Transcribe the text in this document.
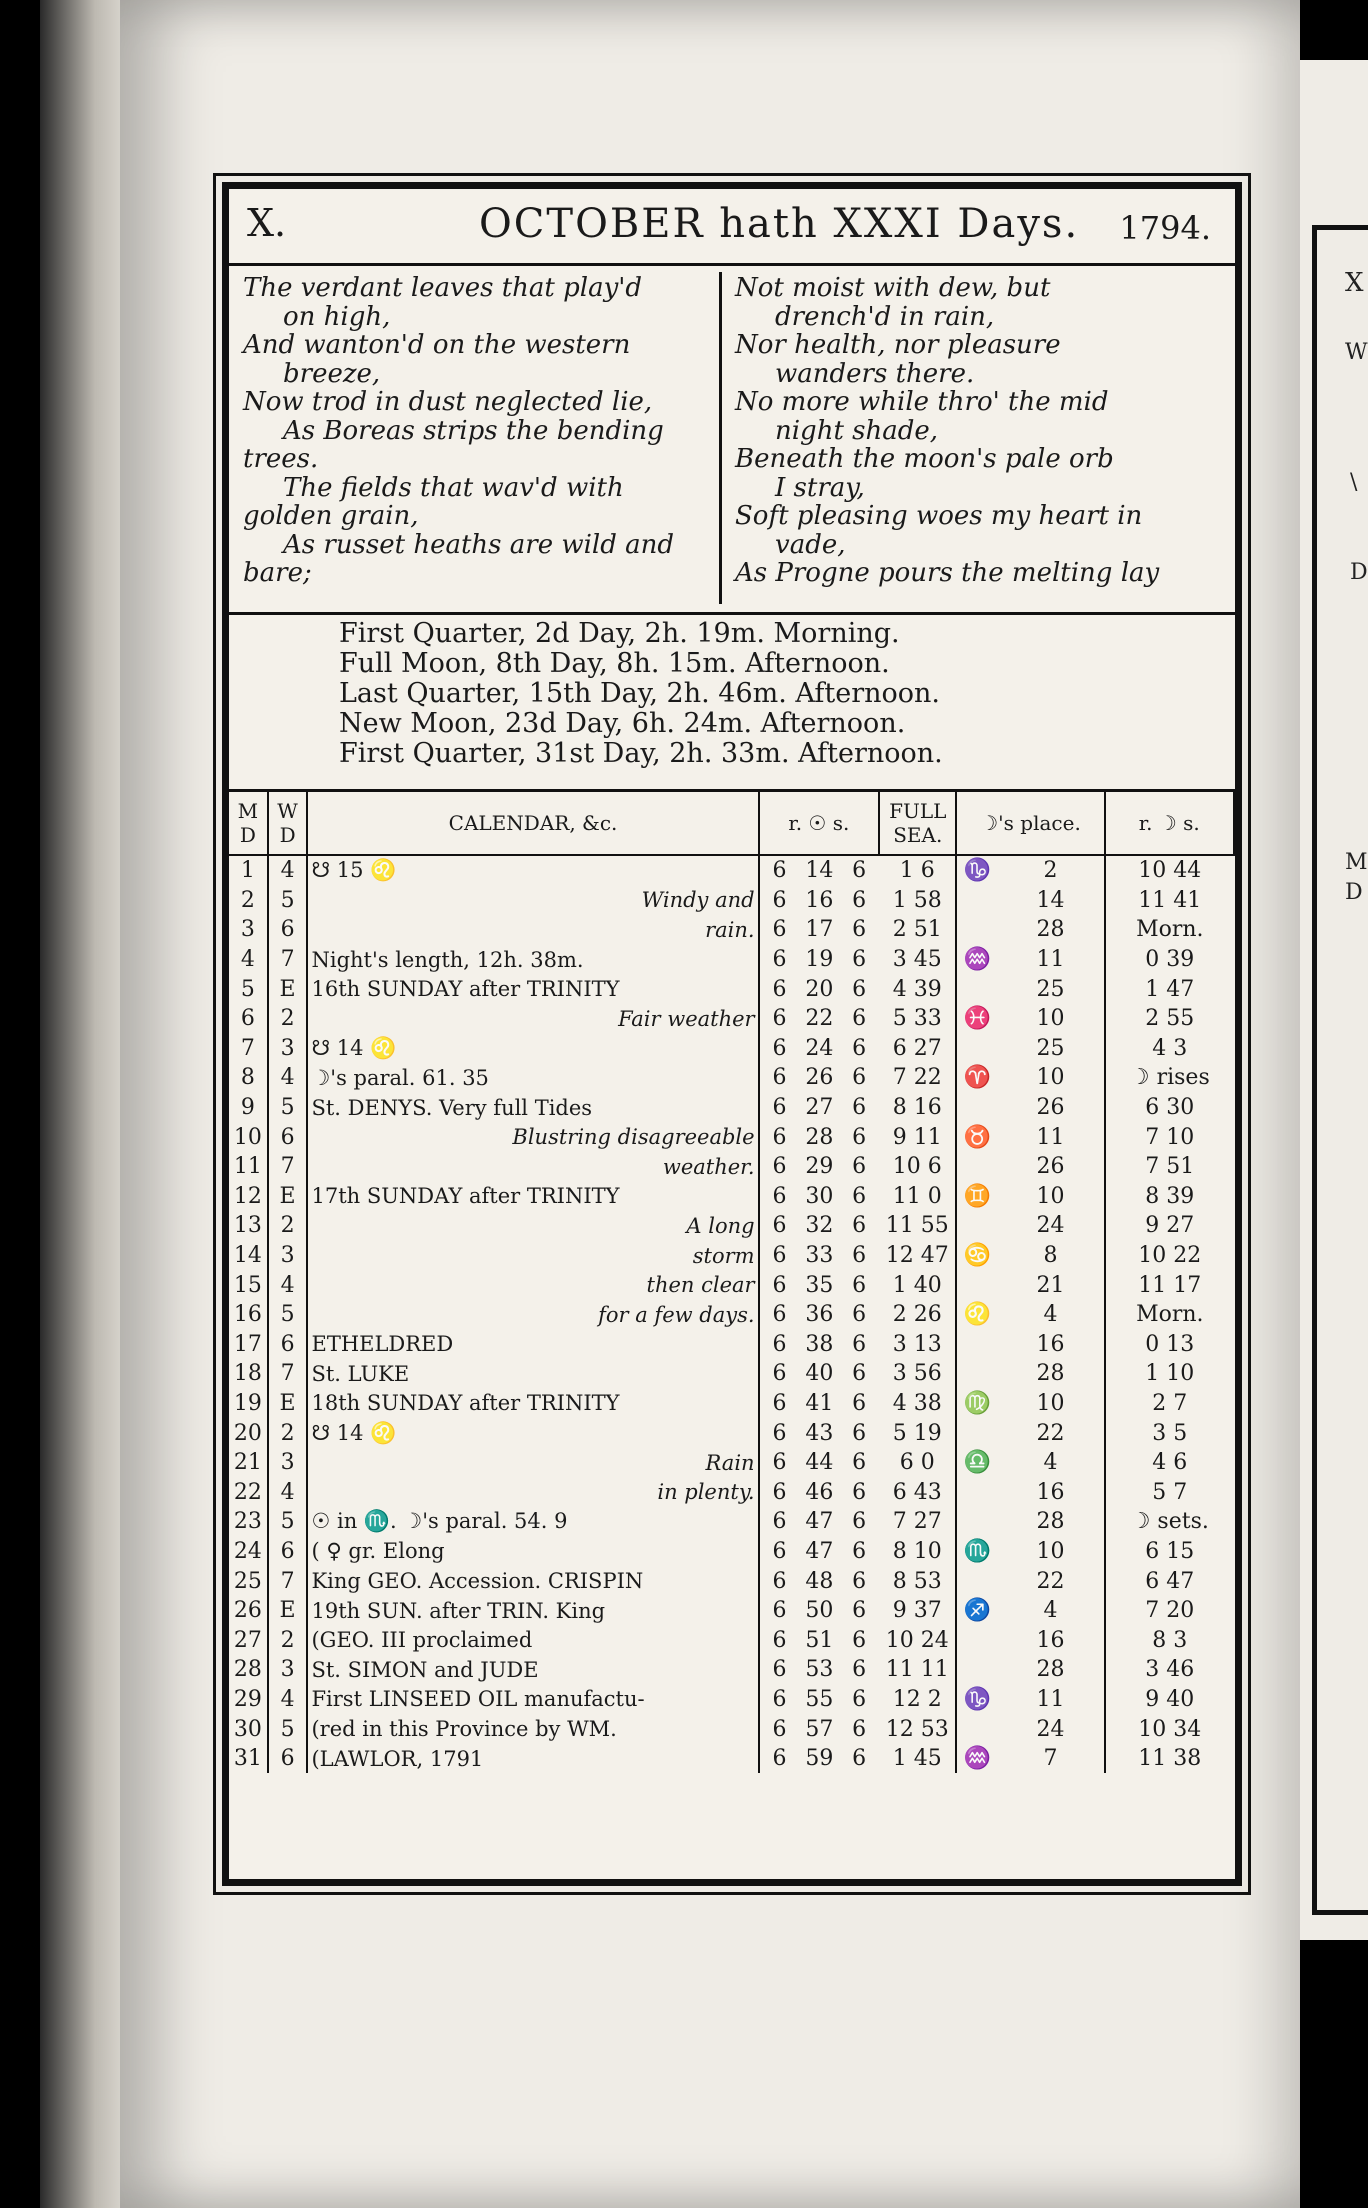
X
W
\
D
M
D
X.	OCTOBER hath XXXI Days. 1794.
The verdant leaves that play'd
on high,
And wanton'd on the western
breeze,
Now trod in dust neglected lie,
As Boreas strips the bending
trees.
The fields that wav'd with
golden grain,
As russet heaths are wild and
bare;
Not moist with dew, but
drench'd in rain,
Nor health, nor pleasure
wanders there.
No more while thro' the mid
night shade,
Beneath the moon's pale orb
I stray,
Soft pleasing woes my heart in
vade,
As Progne pours the melting lay
First Quarter, 2d Day, 2h. 19m. Morning.
Full Moon, 8th Day, 8h. 15m. Afternoon.
Last Quarter, 15th Day, 2h. 46m. Afternoon.
New Moon, 23d Day, 6h. 24m. Afternoon.
First Quarter, 31st Day, 2h. 33m. Afternoon.
M D	W D	CALENDAR, &c.	r. ☉ s.			FULL SEA.	☽'s place.		r. ☽ s.
1	4	☋ 15 ♌	6	14	6	1 6	♑	2	10 44
2	5	Windy and	6	16	6	1 58		14	11 41
3	6	rain.	6	17	6	2 51		28	Morn.
4	7	Night's length, 12h. 38m.	6	19	6	3 45	♒	11	0 39
5	E	16th SUNDAY after TRINITY	6	20	6	4 39		25	1 47
6	2	Fair weather	6	22	6	5 33	♓	10	2 55
7	3	☋ 14 ♌	6	24	6	6 27		25	4 3
8	4	☽'s paral. 61. 35	6	26	6	7 22	♈	10	☽ rises
9	5	St. DENYS. Very full Tides	6	27	6	8 16		26	6 30
10	6	Blustring disagreeable	6	28	6	9 11	♉	11	7 10
11	7	weather.	6	29	6	10 6		26	7 51
12	E	17th SUNDAY after TRINITY	6	30	6	11 0	♊	10	8 39
13	2	A long	6	32	6	11 55		24	9 27
14	3	storm	6	33	6	12 47	♋	8	10 22
15	4	then clear	6	35	6	1 40		21	11 17
16	5	for a few days.	6	36	6	2 26	♌	4	Morn.
17	6	ETHELDRED	6	38	6	3 13		16	0 13
18	7	St. LUKE	6	40	6	3 56		28	1 10
19	E	18th SUNDAY after TRINITY	6	41	6	4 38	♍	10	2 7
20	2	☋ 14 ♌	6	43	6	5 19		22	3 5
21	3	Rain	6	44	6	6 0	♎	4	4 6
22	4	in plenty.	6	46	6	6 43		16	5 7
23	5	☉ in ♏. ☽'s paral. 54. 9	6	47	6	7 27		28	☽ sets.
24	6	( ♀ gr. Elong	6	47	6	8 10	♏	10	6 15
25	7	King GEO. Accession. CRISPIN	6	48	6	8 53		22	6 47
26	E	19th SUN. after TRIN. King	6	50	6	9 37	♐	4	7 20
27	2	(GEO. III proclaimed	6	51	6	10 24		16	8 3
28	3	St. SIMON and JUDE	6	53	6	11 11		28	3 46
29	4	First LINSEED OIL manufactu-	6	55	6	12 2	♑	11	9 40
30	5	(red in this Province by WM.	6	57	6	12 53		24	10 34
31	6	(LAWLOR, 1791	6	59	6	1 45	♒	7	11 38
